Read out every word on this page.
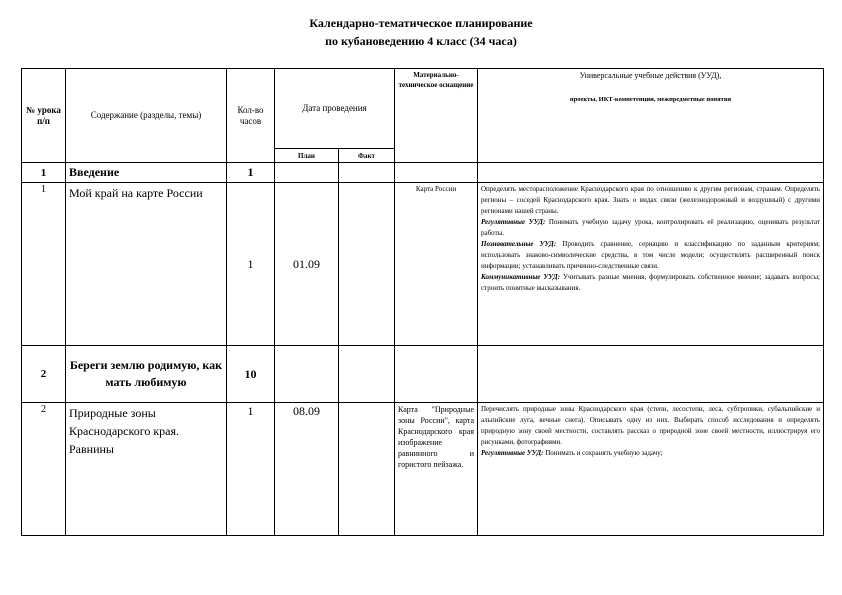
Календарно-тематическое планирование
по кубановедению 4 класс (34 часа)
№ урока п/п	Содержание (разделы, темы)	Кол-во часов	Дата проведения		Материально-техническое оснащение	Универсальные учебные действия (УУД),
проекты, ИКТ-компетенции, межпредметные понятия

			План	Факт		
1	Введение	1				
1	Мой край на карте России	1	01.09		Карта России	Определять месторасположение Краснодарского края по отношению к другим регионам, странам. Определять регионы – соседей Краснодарского края. Знать о видах связи (железнодорожный и воздушный) с другими регионами нашей страны.
Регулятивные УУД: Понимать учебную задачу урока, контролировать её реализацию, оценивать результат работы.
Познавательные УУД: Проводить сравнение, сериацию и классификацию по заданным критериям; использовать знаково-символические средства, в том числе модели; осуществлять расширенный поиск информации; устанавливать причинно-следственные связи.
Коммуникативные УУД: Учитывать разные мнения, формулировать собственное мнение; задавать вопросы; строить понятные высказывания.
2	Береги землю родимую, как мать любимую	10				
2	Природные зоны Краснодарского края. Равнины	1	08.09		Карта "Природные зоны России", карта Краснодарского края изображение равнинного и гористого пейзажа.	Перечислять природные зоны Краснодарского края (степи, лесостепи, леса, субтропики, субальпийские и альпийские луга, вечные снега). Описывать одну из них. Выбирать способ исследования и определять природную зону своей местности, составлять рассказ о природной зоне своей местности, иллюстрируя его рисунками, фотографиями.
Регулятивные УУД: Понимать и сохранять учебную задачу;
